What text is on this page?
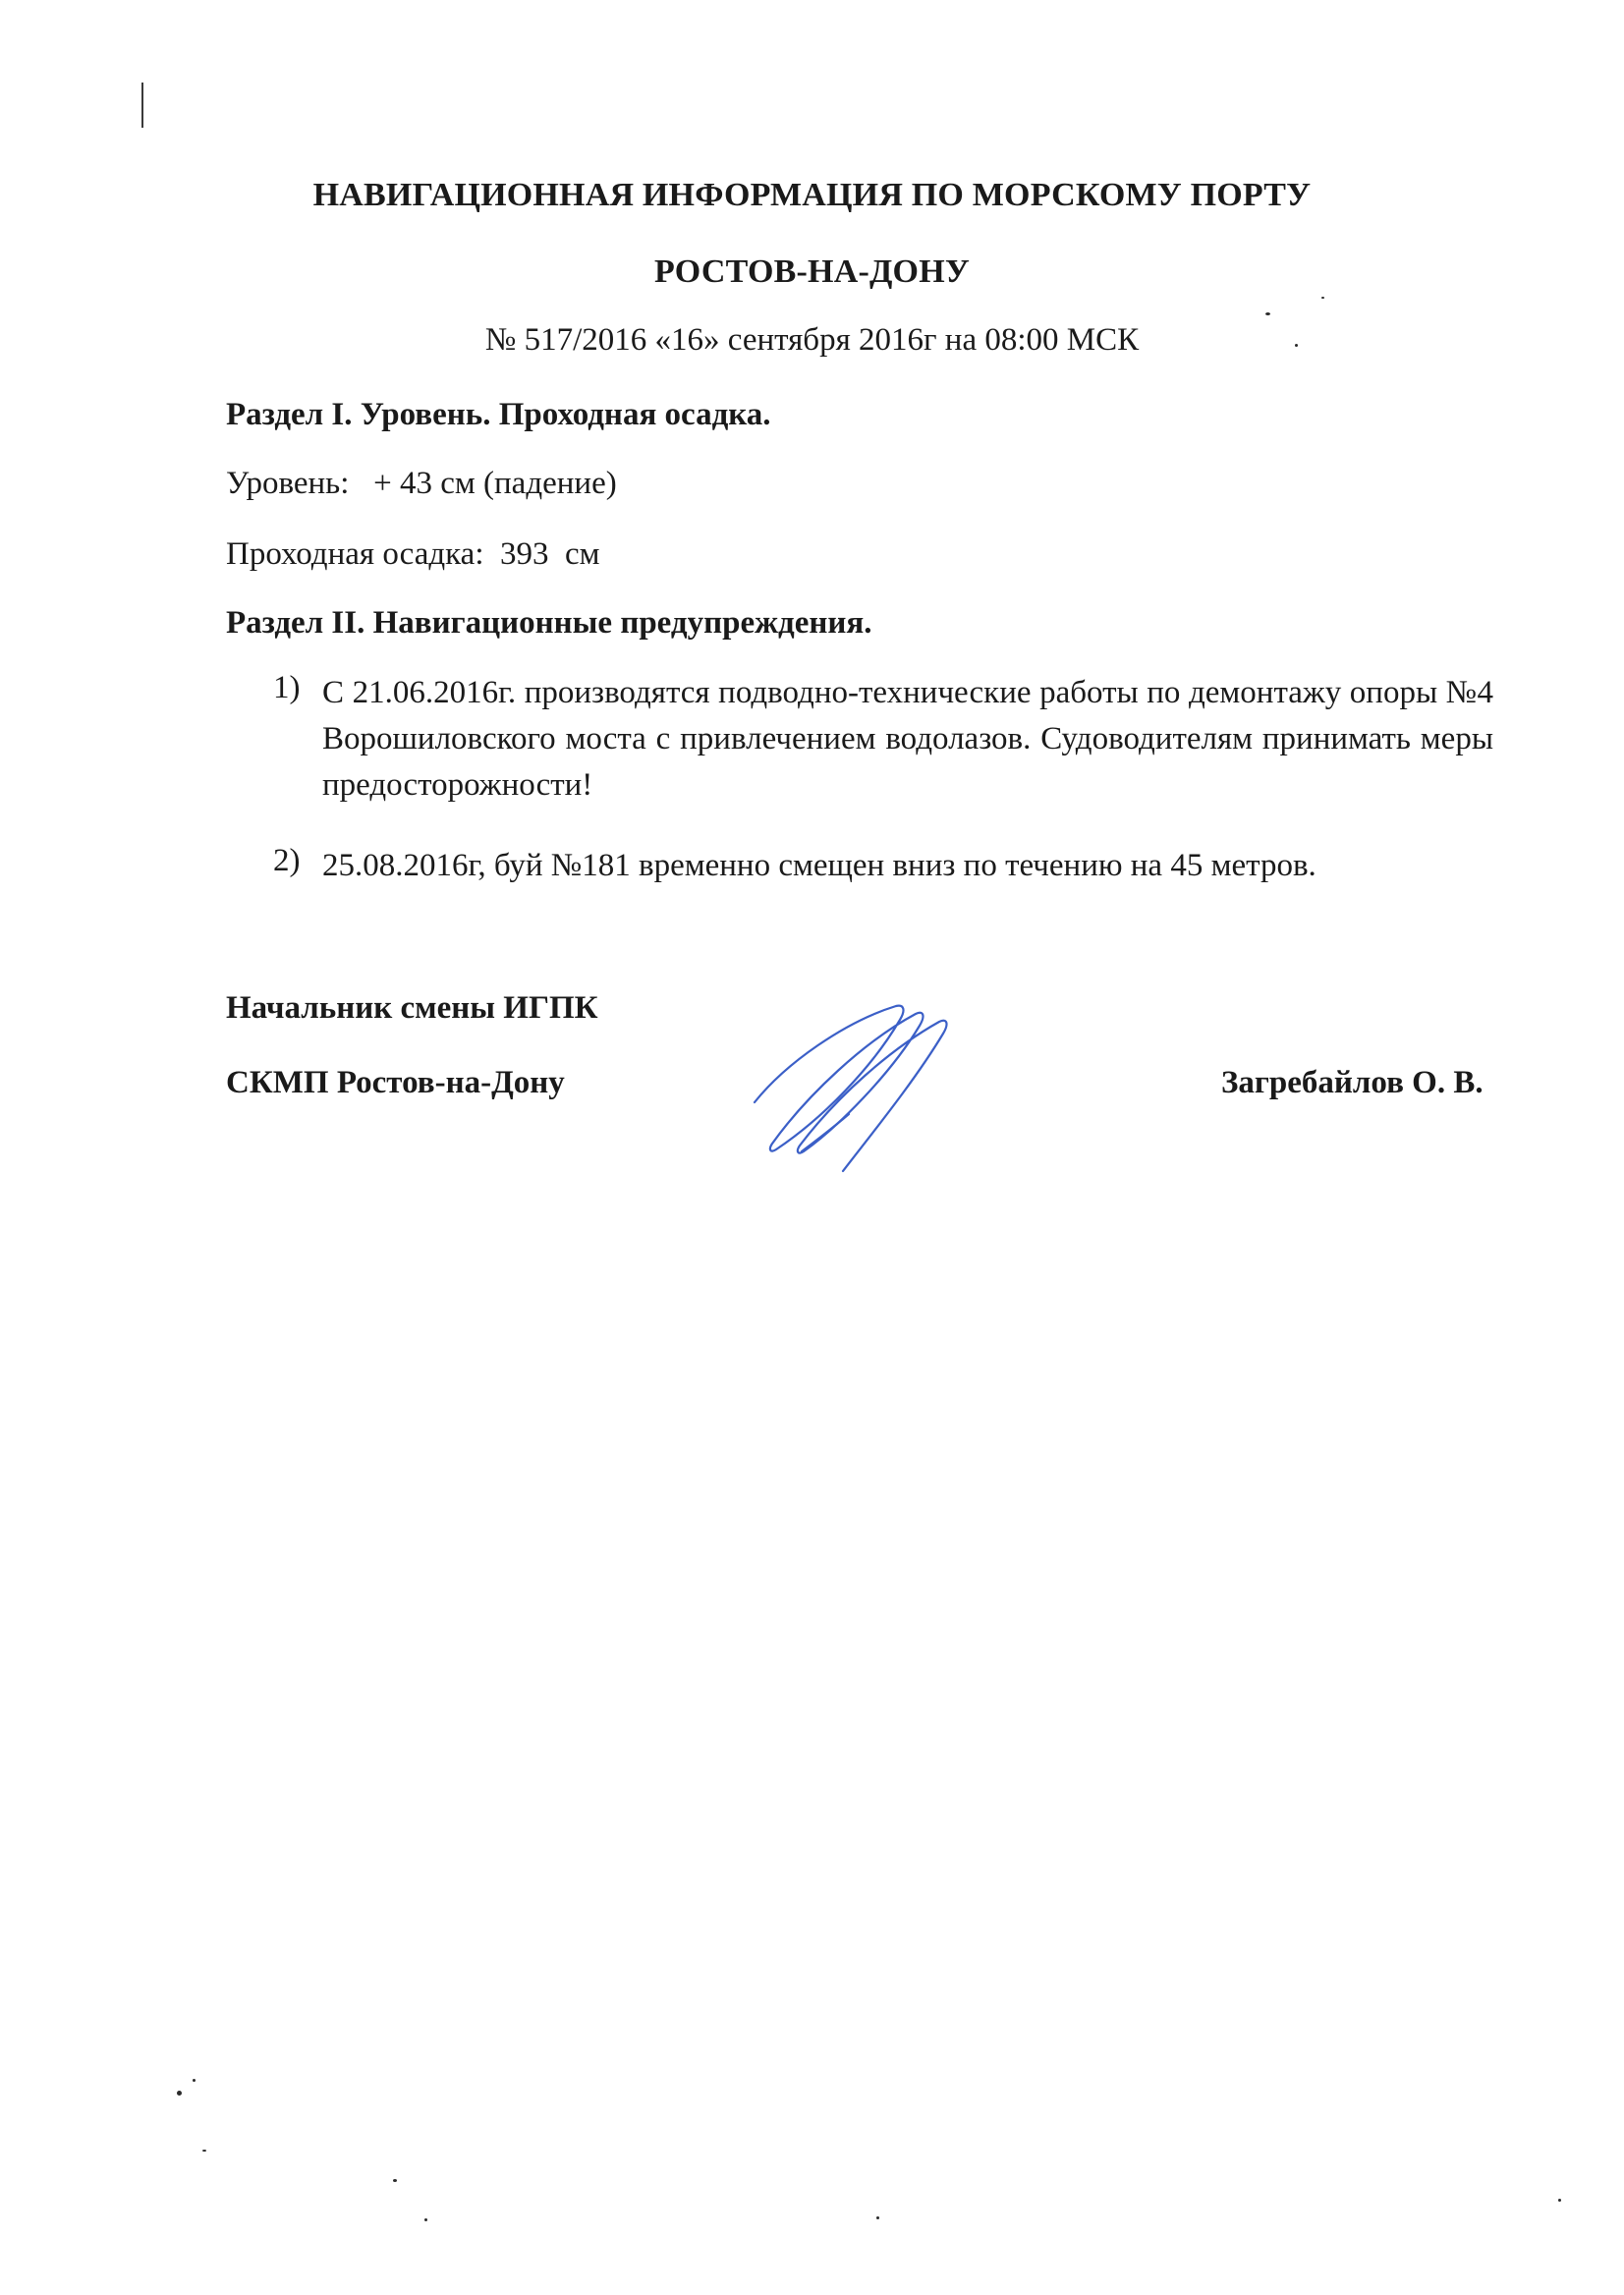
НАВИГАЦИОННАЯ ИНФОРМАЦИЯ ПО МОРСКОМУ ПОРТУ
РОСТОВ-НА-ДОНУ
№ 517/2016 «16» сентября 2016г на 08:00 МСК
Раздел I. Уровень. Проходная осадка.
Уровень:   + 43 см (падение)
Проходная осадка:  393  см
Раздел II. Навигационные предупреждения.
1) С 21.06.2016г. производятся подводно-технические работы по демонтажу опоры №4 Ворошиловского моста с привлечением водолазов. Судоводителям принимать меры предосторожности!
2) 25.08.2016г, буй №181 временно смещен вниз по течению на 45 метров.
Начальник смены ИГПК
СКМП Ростов-на-Дону	Загребайлов О. В.
